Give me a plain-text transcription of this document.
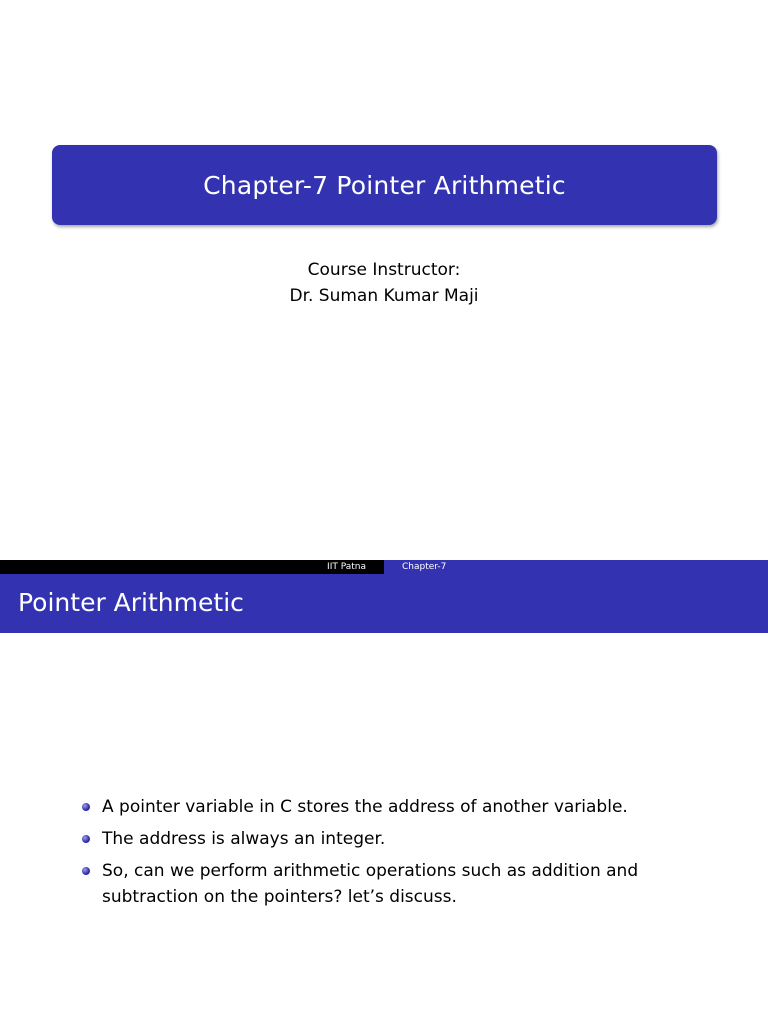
Chapter-7 Pointer Arithmetic
Course Instructor:
Dr. Suman Kumar Maji
IIT Patna	Chapter-7
Pointer Arithmetic
A pointer variable in C stores the address of another variable.
The address is always an integer.
So, can we perform arithmetic operations such as addition and subtraction on the pointers? let’s discuss.
